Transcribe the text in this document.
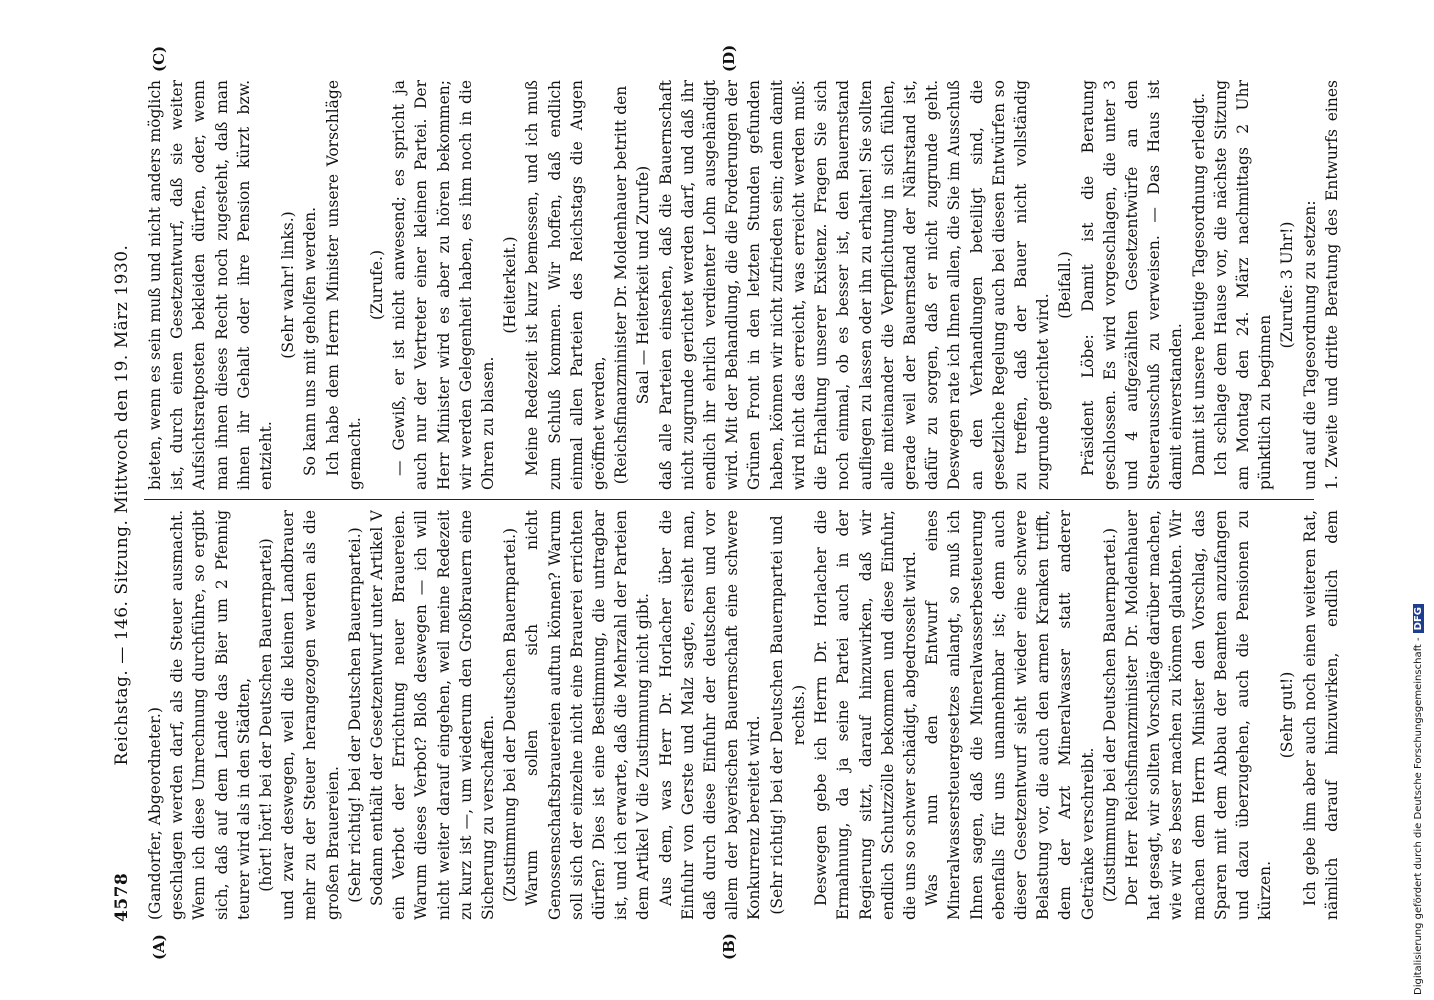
4578
Reichstag. — 146. Sitzung. Mittwoch den 19. März 1930.
(A)	(B)
(C)	(D)

(Gandorfer, Abgeordneter.) geschlagen werden darf, als die Steuer ausmacht. Wenn ich diese Umrechnung durchführe, so ergibt sich, daß auf dem Lande das Bier um 2 Pfennig teurer wird als in den Städten, (hört! hört! bei der Deutschen Bauernpartei) und zwar deswegen, weil die kleinen Landbrauer mehr zu der Steuer herangezogen werden als die großen Brauereien. (Sehr richtig! bei der Deutschen Bauernpartei.) Sodann enthält der Gesetzentwurf unter Artikel V ein Verbot der Errichtung neuer Brauereien. Warum dieses Verbot? Bloß deswegen — ich will nicht weiter darauf eingehen, weil meine Redezeit zu kurz ist —, um wiederum den Großbrauern eine Sicherung zu verschaffen. (Zustimmung bei der Deutschen Bauernpartei.) Warum sollen sich nicht Genossenschaftsbrauereien auftun können? Warum soll sich der einzelne nicht eine Brauerei errichten dürfen? Dies ist eine Bestimmung, die untragbar ist, und ich erwarte, daß die Mehrzahl der Parteien dem Artikel V die Zustimmung nicht gibt. Aus dem, was Herr Dr. Horlacher über die Einfuhr von Gerste und Malz sagte, ersieht man, daß durch diese Einfuhr der deutschen und vor allem der bayerischen Bauernschaft eine schwere Konkurrenz bereitet wird. (Sehr richtig! bei der Deutschen Bauernpartei und rechts.) Deswegen gebe ich Herrn Dr. Horlacher die Ermahnung, da ja seine Partei auch in der Regierung sitzt, darauf hinzuwirken, daß wir endlich Schutzzölle bekommen und diese Einfuhr, die uns so schwer schädigt, abgedrosselt wird. Was nun den Entwurf eines Mineralwassersteuergesetzes anlangt, so muß ich Ihnen sagen, daß die Mineralwasserbesteuerung ebenfalls für uns unannehmbar ist; denn auch dieser Gesetzentwurf sieht wieder eine schwere Belastung vor, die auch den armen Kranken trifft, dem der Arzt Mineralwasser statt anderer Getränke verschreibt. (Zustimmung bei der Deutschen Bauernpartei.) Der Herr Reichsfinanzminister Dr. Moldenhauer hat gesagt, wir sollten Vorschläge darüber machen, wie wir es besser machen zu können glaubten. Wir machen dem Herrn Minister den Vorschlag, das Sparen mit dem Abbau der Beamten anzufangen und dazu überzugehen, auch die Pensionen zu kürzen.

(Sehr gut!)

Ich gebe ihm aber auch noch einen weiteren Rat, nämlich darauf hinzuwirken, endlich dem

bieten, wenn es sein muß und nicht anders möglich ist, durch einen Gesetzentwurf, daß sie weiter Aufsichtsratposten bekleiden dürfen, oder, wenn man ihnen dieses Recht noch zugesteht, daß man ihnen ihr Gehalt oder ihre Pension kürzt bzw. entzieht.

(Sehr wahr! links.) So kann uns mit geholfen werden. Ich habe dem Herrn Minister unsere Vorschläge gemacht.

(Zurufe.) — Gewiß, er ist nicht anwesend; es spricht ja auch nur der Vertreter einer kleinen Partei. Der Herr Minister wird es aber zu hören bekommen; wir werden Gelegenheit haben, es ihm noch in die Ohren zu blasen.

(Heiterkeit.) Meine Redezeit ist kurz bemessen, und ich muß zum Schluß kommen. Wir hoffen, daß endlich einmal allen Parteien des Reichstags die Augen geöffnet werden, (Reichsfinanzminister Dr. Moldenhauer betritt den Saal — Heiterkeit und Zurufe) daß alle Parteien einsehen, daß die Bauernschaft nicht zugrunde gerichtet werden darf, und daß ihr endlich ihr ehrlich verdienter Lohn ausgehändigt wird. Mit der Behandlung, die die Forderungen der Grünen Front in den letzten Stunden gefunden haben, können wir nicht zufrieden sein; denn damit wird nicht das erreicht, was erreicht werden muß: die Erhaltung unserer Existenz. Fragen Sie sich noch einmal, ob es besser ist, den Bauernstand aufliegen zu lassen oder ihn zu erhalten! Sie sollten alle miteinander die Verpflichtung in sich fühlen, gerade weil der Bauernstand der Nährstand ist, dafür zu sorgen, daß er nicht zugrunde geht. Deswegen rate ich Ihnen allen, die Sie im Ausschuß an den Verhandlungen beteiligt sind, die gesetzliche Regelung auch bei diesen Entwürfen so zu treffen, daß der Bauer nicht vollständig zugrunde gerichtet wird.

(Beifall.) Präsident Löbe: Damit ist die Beratung geschlossen. Es wird vorgeschlagen, die unter 3 und 4 aufgezählten Gesetzentwürfe an den Steuerausschuß zu verweisen. — Das Haus ist damit einverstanden. Damit ist unsere heutige Tagesordnung erledigt. Ich schlage dem Hause vor, die nächste Sitzung am Montag den 24. März nachmittags 2 Uhr pünktlich zu beginnen

(Zurufe: 3 Uhr!) und auf die Tagesordnung zu setzen: 1.
Zweite und dritte Beratung des Entwurfs eines
Digitalisierung gefördert durch die Deutsche Forschungsgemeinschaft -DFG
